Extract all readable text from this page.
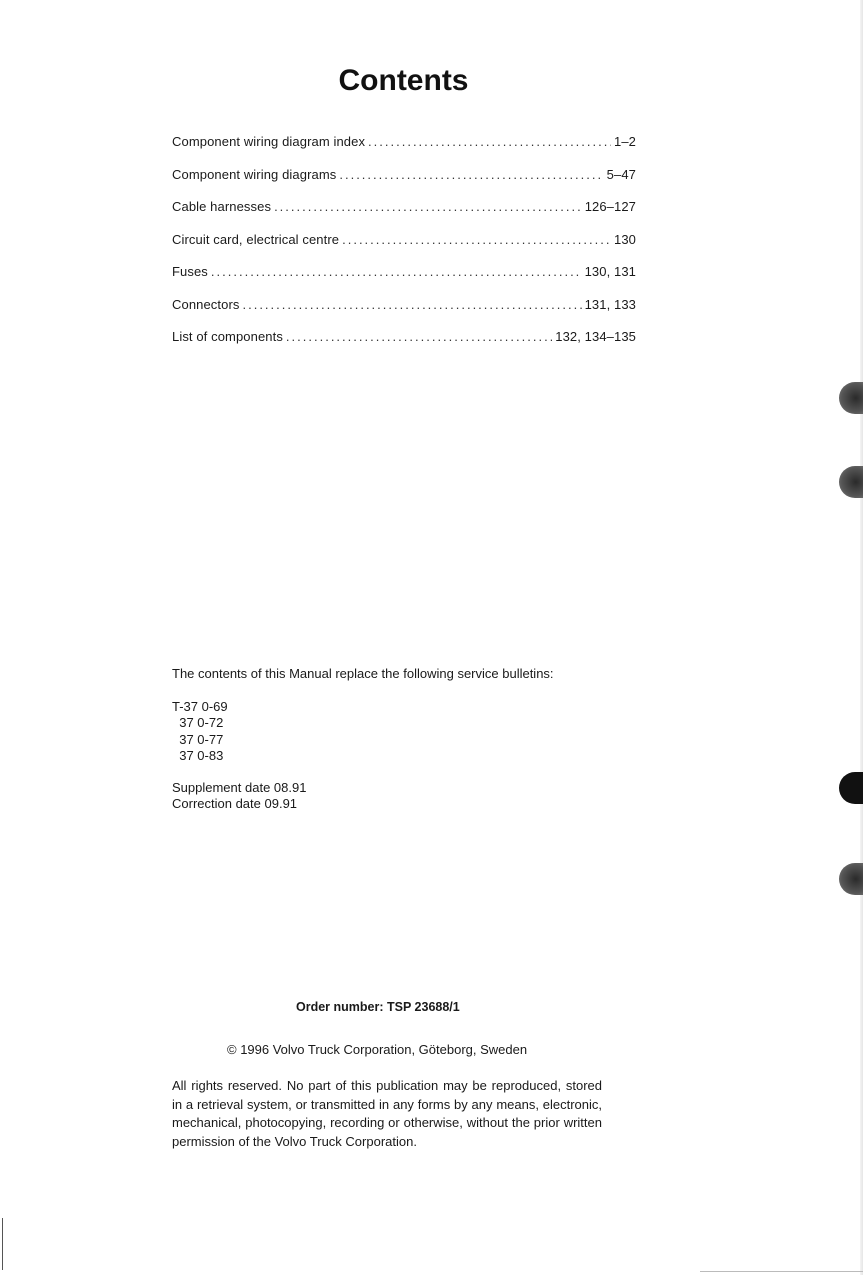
Contents
Component wiring diagram index .....	1–2
Component wiring diagrams .....	5–47
Cable harnesses .....	126–127
Circuit card, electrical centre .....	130
Fuses .....	130, 131
Connectors .....	131, 133
List of components .....	132, 134–135
The contents of this Manual replace the following service bulletins:
T-37 0-69
37 0-72
37 0-77
37 0-83
Supplement date 08.91
Correction date 09.91
Order number: TSP 23688/1
© 1996 Volvo Truck Corporation, Göteborg, Sweden
All rights reserved. No part of this publication may be reproduced, stored in a retrieval system, or transmitted in any forms by any means, electronic, mechanical, photocopying, recording or otherwise, without the prior written permission of the Volvo Truck Corporation.
